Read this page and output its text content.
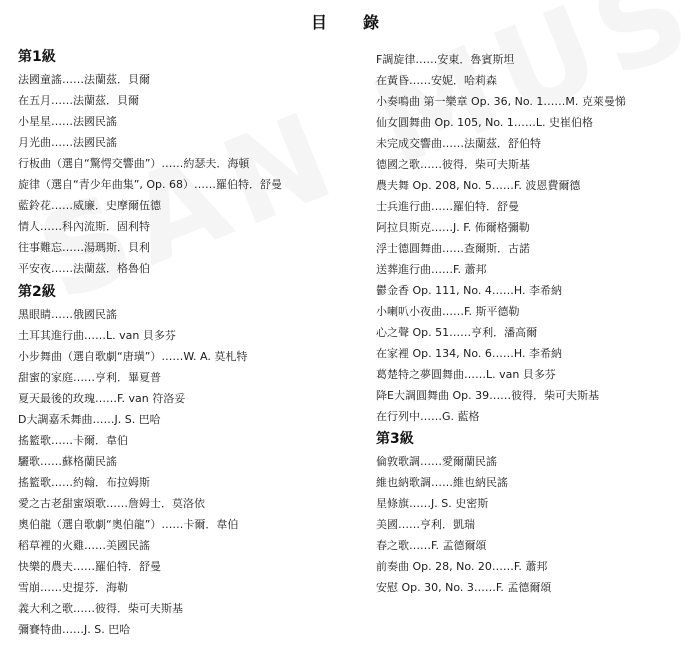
目　錄
第1級
法國童謠……法蘭茲．貝爾
在五月……法蘭茲．貝爾
小星星……法國民謠
月光曲……法國民謠
行板曲（選自“驚愕交響曲”）……約瑟夫．海頓
旋律（選自“青少年曲集”, Op. 68）……羅伯特．舒曼
藍鈴花……威廉．史摩爾伍德
情人……科內流斯．固利特
往事難忘……湯瑪斯．貝利
平安夜……法蘭茲．格魯伯
第2級
黑眼睛……俄國民謠
土耳其進行曲……L. van 貝多芬
小步舞曲（選自歌劇“唐璜”）……W. A. 莫札特
甜蜜的家庭……亨利．畢夏普
夏天最後的玫瑰……F. van 符洛妥
D大調嘉禾舞曲……J. S. 巴哈
搖籃歌……卡爾．韋伯
驪歌……蘇格蘭民謠
搖籃歌……約翰．布拉姆斯
愛之古老甜蜜頌歌……詹姆士．莫洛依
奧伯龍（選自歌劇“奧伯龍”）……卡爾．韋伯
稻草裡的火雞……美國民謠
快樂的農夫……羅伯特．舒曼
雪崩……史提芬．海勒
義大利之歌……彼得．柴可夫斯基
彌賽特曲……J. S. 巴哈
F調旋律……安東．魯賓斯坦
在黃昏……安妮．哈莉森
小奏鳴曲 第一樂章 Op. 36, No. 1……M. 克萊曼悌
仙女圓舞曲 Op. 105, No. 1……L. 史崔伯格
未完成交響曲……法蘭茲．舒伯特
德國之歌……彼得．柴可夫斯基
農夫舞 Op. 208, No. 5……F. 波恩費爾德
士兵進行曲……羅伯特．舒曼
阿拉貝斯克……J. F. 佈爾格彌勒
浮士德圓舞曲……查爾斯．古諾
送葬進行曲……F. 蕭邦
鬱金香 Op. 111, No. 4……H. 李希納
小喇叭小夜曲……F. 斯平德勒
心之聲 Op. 51……亨利．潘高爾
在家裡 Op. 134, No. 6……H. 李希納
葛楚特之夢圓舞曲……L. van 貝多芬
降E大調圓舞曲 Op. 39……彼得．柴可夫斯基
在行列中……G. 藍格
第3級
倫敦歌調……愛爾蘭民謠
維也納歌調……維也納民謠
星條旗……J. S. 史密斯
美國……亨利．凱瑞
春之歌……F. 孟德爾頌
前奏曲 Op. 28, No. 20……F. 蕭邦
安慰 Op. 30, No. 3……F. 孟德爾頌
